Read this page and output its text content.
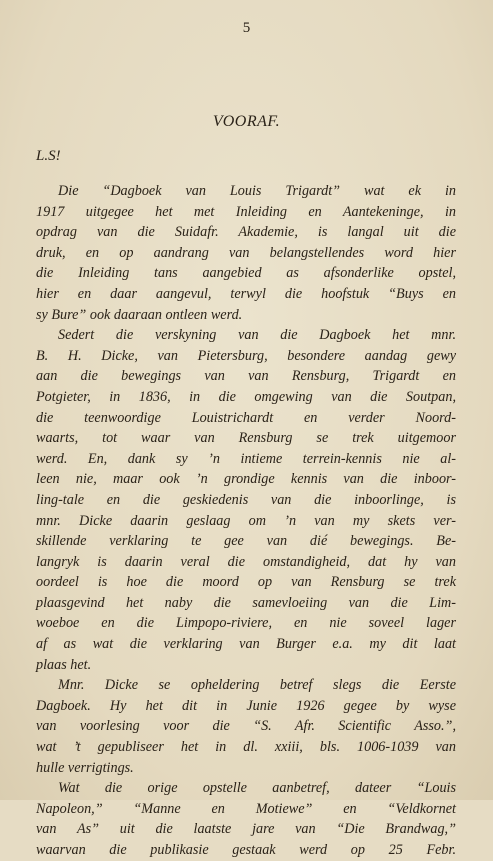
5
VOORAF.
L.S!
Die “Dagboek van Louis Trigardt” wat ek in
1917 uitgegee het met Inleiding en Aantekeninge, in
opdrag van die Suidafr. Akademie, is langal uit die
druk, en op aandrang van belangstellendes word hier
die Inleiding tans aangebied as afsonderlike opstel,
hier en daar aangevul, terwyl die hoofstuk “Buys en
sy Bure” ook daaraan ontleen werd.
Sedert die verskyning van die Dagboek het mnr.
B. H. Dicke, van Pietersburg, besondere aandag gewy
aan die bewegings van van Rensburg, Trigardt en
Potgieter, in 1836, in die omgewing van die Soutpan,
die teenwoordige Louistrichardt en verder Noord-
waarts, tot waar van Rensburg se trek uitgemoor
werd. En, dank sy ’n intieme terrein-kennis nie al-
leen nie, maar ook ’n grondige kennis van die inboor-
ling-tale en die geskiedenis van die inboorlinge, is
mnr. Dicke daarin geslaag om ’n van my skets ver-
skillende verklaring te gee van dié bewegings. Be-
langryk is daarin veral die omstandigheid, dat hy van
oordeel is hoe die moord op van Rensburg se trek
plaasgevind het naby die samevloeiing van die Lim-
woeboe en die Limpopo-riviere, en nie soveel lager
af as wat die verklaring van Burger e.a. my dit laat
plaas het.
Mnr. Dicke se opheldering betref slegs die Eerste
Dagboek. Hy het dit in Junie 1926 gegee by wyse
van voorlesing voor die “S. Afr. Scientific Asso.”,
wat ’t gepubliseer het in dl. xxiii, bls. 1006-1039 van
hulle verrigtings.
Wat die orige opstelle aanbetref, dateer “Louis
Napoleon,” “Manne en Motiewe” en “Veldkornet
van As” uit die laatste jare van “Die Brandwag,”
waarvan die publikasie gestaak werd op 25 Febr.
